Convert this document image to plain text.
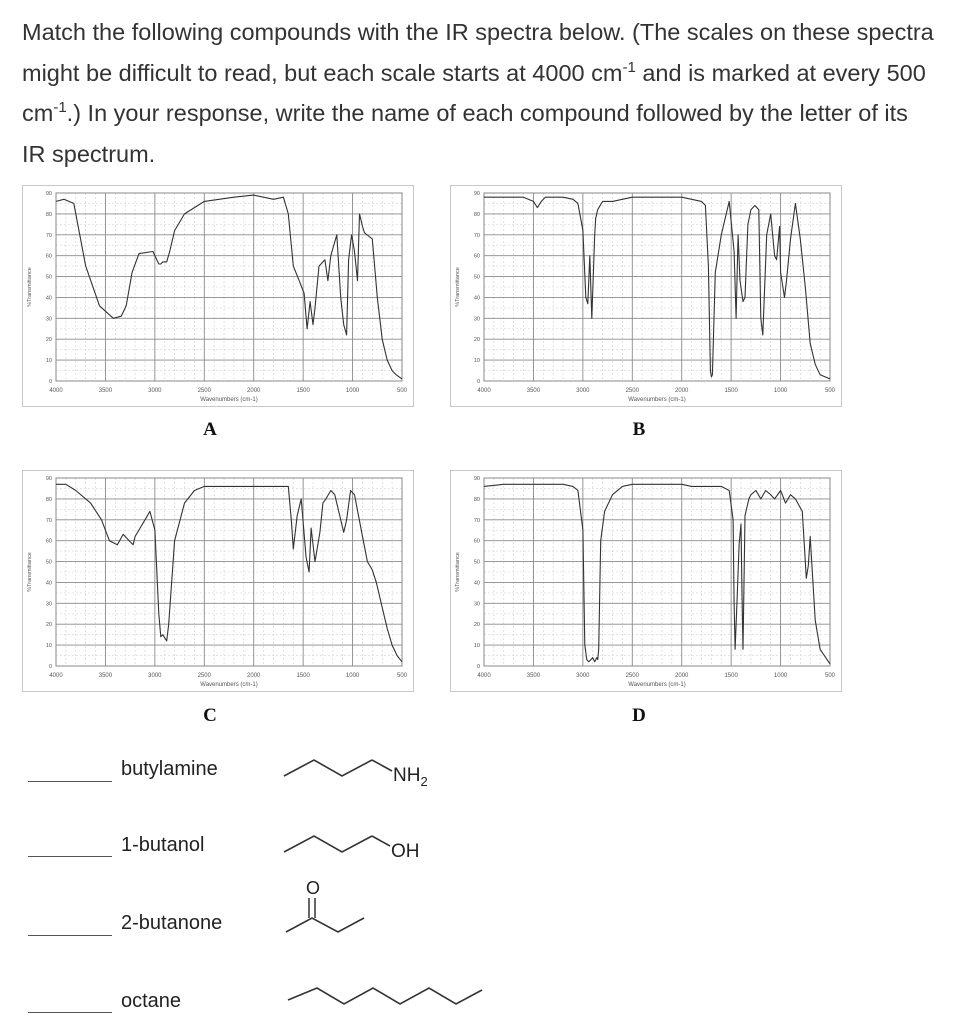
Match the following compounds with the IR spectra below. (The scales on these spectra might be difficult to read, but each scale starts at 4000 $cm^{-1}$ and is marked at every 500 $cm^{-1}$.) In your response, write the name of each compound followed by the letter of its IR spectrum.

4000	3500	3000	2500	2000	1500	1000	500
0
10
20
30
40
50
60
70
80
90
Wavenumbers (cm-1)
%Transmittance
A
4000	3500	3000	2500	2000	1500	1000	500
0
10
20
30
40
50
60
70
80
90
Wavenumbers (cm-1)
%Transmittance
B
4000	3500	3000	2500	2000	1500	1000	500
0
10
20
30
40
50
60
70
80
90
Wavenumbers (cm-1)
%Transmittance
C
4000	3500	3000	2500	2000	1500	1000	500
0
10
20
30
40
50
60
70
80
90
Wavenumbers (cm-1)
%Transmittance
D
butylamine	$NH_2$
1-butanol	OH
2-butanone
O
octane
